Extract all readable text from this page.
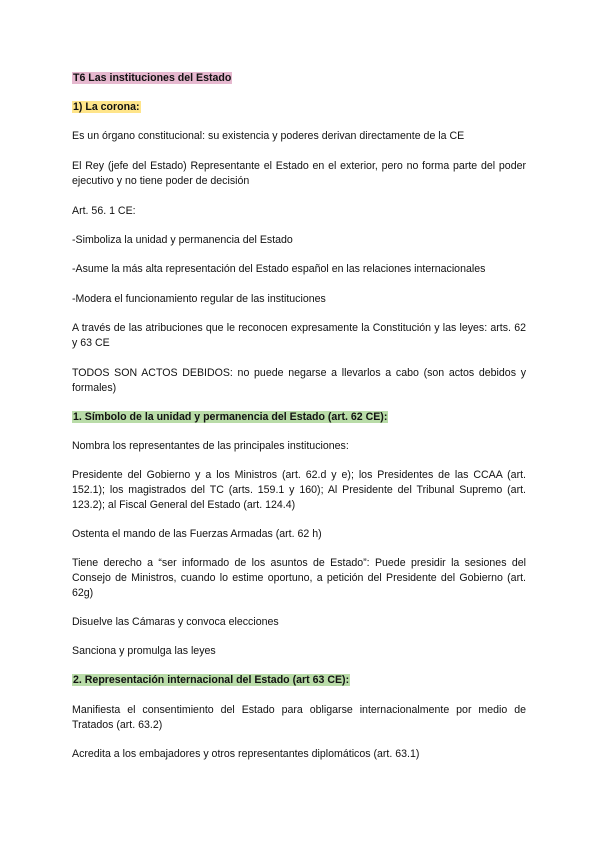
T6 Las instituciones del Estado

1) La corona:

Es un órgano constitucional: su existencia y poderes derivan directamente de la CE

El Rey (jefe del Estado) Representante el Estado en el exterior, pero no forma parte del poder ejecutivo y no tiene poder de decisión

Art. 56. 1 CE:

-Simboliza la unidad y permanencia del Estado

-Asume la más alta representación del Estado español en las relaciones internacionales

-Modera el funcionamiento regular de las instituciones

A través de las atribuciones que le reconocen expresamente la Constitución y las leyes: arts. 62 y 63 CE

TODOS SON ACTOS DEBIDOS: no puede negarse a llevarlos a cabo (son actos debidos y formales)

1. Símbolo de la unidad y permanencia del Estado (art. 62 CE):

Nombra los representantes de las principales instituciones:

Presidente del Gobierno y a los Ministros (art. 62.d y e); los Presidentes de las CCAA (art. 152.1); los magistrados del TC (arts. 159.1 y 160); Al Presidente del Tribunal Supremo (art. 123.2); al Fiscal General del Estado (art. 124.4)

Ostenta el mando de las Fuerzas Armadas (art. 62 h)

Tiene derecho a “ser informado de los asuntos de Estado”: Puede presidir la sesiones del Consejo de Ministros, cuando lo estime oportuno, a petición del Presidente del Gobierno (art. 62g)

Disuelve las Cámaras y convoca elecciones

Sanciona y promulga las leyes

2. Representación internacional del Estado (art 63 CE):

Manifiesta el consentimiento del Estado para obligarse internacionalmente por medio de Tratados (art. 63.2)

Acredita a los embajadores y otros representantes diplomáticos (art. 63.1)
